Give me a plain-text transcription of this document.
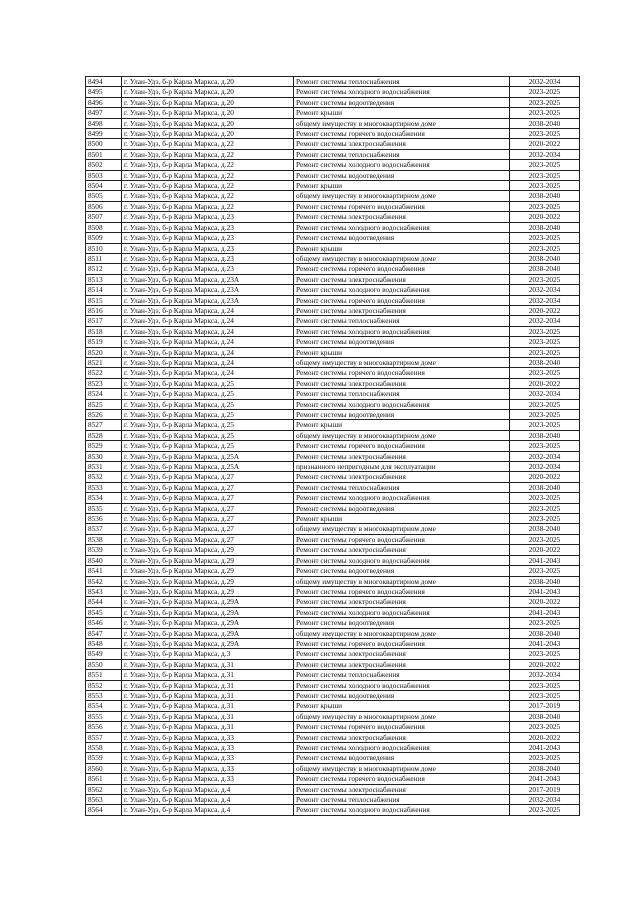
8494	г. Улан-Удэ, б-р Карла Маркса, д.20	Ремонт системы теплоснабжения	2032-2034
8495	г. Улан-Удэ, б-р Карла Маркса, д.20	Ремонт системы холодного водоснабжения	2023-2025
8496	г. Улан-Удэ, б-р Карла Маркса, д.20	Ремонт системы водоотведения	2023-2025
8497	г. Улан-Удэ, б-р Карла Маркса, д.20	Ремонт крыши	2023-2025
8498	г. Улан-Удэ, б-р Карла Маркса, д.20	общему имуществу в многоквартирном доме	2038-2040
8499	г. Улан-Удэ, б-р Карла Маркса, д.20	Ремонт системы горячего водоснабжения	2023-2025
8500	г. Улан-Удэ, б-р Карла Маркса, д.22	Ремонт системы электроснабжения	2020-2022
8501	г. Улан-Удэ, б-р Карла Маркса, д.22	Ремонт системы теплоснабжения	2032-2034
8502	г. Улан-Удэ, б-р Карла Маркса, д.22	Ремонт системы холодного водоснабжения	2023-2025
8503	г. Улан-Удэ, б-р Карла Маркса, д.22	Ремонт системы водоотведения	2023-2025
8504	г. Улан-Удэ, б-р Карла Маркса, д.22	Ремонт крыши	2023-2025
8505	г. Улан-Удэ, б-р Карла Маркса, д.22	общему имуществу в многоквартирном доме	2038-2040
8506	г. Улан-Удэ, б-р Карла Маркса, д.22	Ремонт системы горячего водоснабжения	2023-2025
8507	г. Улан-Удэ, б-р Карла Маркса, д.23	Ремонт системы электроснабжения	2020-2022
8508	г. Улан-Удэ, б-р Карла Маркса, д.23	Ремонт системы холодного водоснабжения	2038-2040
8509	г. Улан-Удэ, б-р Карла Маркса, д.23	Ремонт системы водоотведения	2023-2025
8510	г. Улан-Удэ, б-р Карла Маркса, д.23	Ремонт крыши	2023-2025
8511	г. Улан-Удэ, б-р Карла Маркса, д.23	общему имуществу в многоквартирном доме	2038-2040
8512	г. Улан-Удэ, б-р Карла Маркса, д.23	Ремонт системы горячего водоснабжения	2038-2040
8513	г. Улан-Удэ, б-р Карла Маркса, д.23А	Ремонт системы электроснабжения	2023-2025
8514	г. Улан-Удэ, б-р Карла Маркса, д.23А	Ремонт системы холодного водоснабжения	2032-2034
8515	г. Улан-Удэ, б-р Карла Маркса, д.23А	Ремонт системы горячего водоснабжения	2032-2034
8516	г. Улан-Удэ, б-р Карла Маркса, д.24	Ремонт системы электроснабжения	2020-2022
8517	г. Улан-Удэ, б-р Карла Маркса, д.24	Ремонт системы теплоснабжения	2032-2034
8518	г. Улан-Удэ, б-р Карла Маркса, д.24	Ремонт системы холодного водоснабжения	2023-2025
8519	г. Улан-Удэ, б-р Карла Маркса, д.24	Ремонт системы водоотведения	2023-2025
8520	г. Улан-Удэ, б-р Карла Маркса, д.24	Ремонт крыши	2023-2025
8521	г. Улан-Удэ, б-р Карла Маркса, д.24	общему имуществу в многоквартирном доме	2038-2040
8522	г. Улан-Удэ, б-р Карла Маркса, д.24	Ремонт системы горячего водоснабжения	2023-2025
8523	г. Улан-Удэ, б-р Карла Маркса, д.25	Ремонт системы электроснабжения	2020-2022
8524	г. Улан-Удэ, б-р Карла Маркса, д.25	Ремонт системы теплоснабжения	2032-2034
8525	г. Улан-Удэ, б-р Карла Маркса, д.25	Ремонт системы холодного водоснабжения	2023-2025
8526	г. Улан-Удэ, б-р Карла Маркса, д.25	Ремонт системы водоотведения	2023-2025
8527	г. Улан-Удэ, б-р Карла Маркса, д.25	Ремонт крыши	2023-2025
8528	г. Улан-Удэ, б-р Карла Маркса, д.25	общему имуществу в многоквартирном доме	2038-2040
8529	г. Улан-Удэ, б-р Карла Маркса, д.25	Ремонт системы горячего водоснабжения	2023-2025
8530	г. Улан-Удэ, б-р Карла Маркса, д.25А	Ремонт системы электроснабжения	2032-2034
8531	г. Улан-Удэ, б-р Карла Маркса, д.25А	признанного непригодным для эксплуатации	2032-2034
8532	г. Улан-Удэ, б-р Карла Маркса, д.27	Ремонт системы электроснабжения	2020-2022
8533	г. Улан-Удэ, б-р Карла Маркса, д.27	Ремонт системы теплоснабжения	2038-2040
8534	г. Улан-Удэ, б-р Карла Маркса, д.27	Ремонт системы холодного водоснабжения	2023-2025
8535	г. Улан-Удэ, б-р Карла Маркса, д.27	Ремонт системы водоотведения	2023-2025
8536	г. Улан-Удэ, б-р Карла Маркса, д.27	Ремонт крыши	2023-2025
8537	г. Улан-Удэ, б-р Карла Маркса, д.27	общему имуществу в многоквартирном доме	2038-2040
8538	г. Улан-Удэ, б-р Карла Маркса, д.27	Ремонт системы горячего водоснабжения	2023-2025
8539	г. Улан-Удэ, б-р Карла Маркса, д.29	Ремонт системы электроснабжения	2020-2022
8540	г. Улан-Удэ, б-р Карла Маркса, д.29	Ремонт системы холодного водоснабжения	2041-2043
8541	г. Улан-Удэ, б-р Карла Маркса, д.29	Ремонт системы водоотведения	2023-2025
8542	г. Улан-Удэ, б-р Карла Маркса, д.29	общему имуществу в многоквартирном доме	2038-2040
8543	г. Улан-Удэ, б-р Карла Маркса, д.29	Ремонт системы горячего водоснабжения	2041-2043
8544	г. Улан-Удэ, б-р Карла Маркса, д.29А	Ремонт системы электроснабжения	2020-2022
8545	г. Улан-Удэ, б-р Карла Маркса, д.29А	Ремонт системы холодного водоснабжения	2041-2043
8546	г. Улан-Удэ, б-р Карла Маркса, д.29А	Ремонт системы водоотведения	2023-2025
8547	г. Улан-Удэ, б-р Карла Маркса, д.29А	общему имуществу в многоквартирном доме	2038-2040
8548	г. Улан-Удэ, б-р Карла Маркса, д.29А	Ремонт системы горячего водоснабжения	2041-2043
8549	г. Улан-Удэ, б-р Карла Маркса, д.3	Ремонт системы электроснабжения	2023-2025
8550	г. Улан-Удэ, б-р Карла Маркса, д.31	Ремонт системы электроснабжения	2020-2022
8551	г. Улан-Удэ, б-р Карла Маркса, д.31	Ремонт системы теплоснабжения	2032-2034
8552	г. Улан-Удэ, б-р Карла Маркса, д.31	Ремонт системы холодного водоснабжения	2023-2025
8553	г. Улан-Удэ, б-р Карла Маркса, д.31	Ремонт системы водоотведения	2023-2025
8554	г. Улан-Удэ, б-р Карла Маркса, д.31	Ремонт крыши	2017-2019
8555	г. Улан-Удэ, б-р Карла Маркса, д.31	общему имуществу в многоквартирном доме	2038-2040
8556	г. Улан-Удэ, б-р Карла Маркса, д.31	Ремонт системы горячего водоснабжения	2023-2025
8557	г. Улан-Удэ, б-р Карла Маркса, д.33	Ремонт системы электроснабжения	2020-2022
8558	г. Улан-Удэ, б-р Карла Маркса, д.33	Ремонт системы холодного водоснабжения	2041-2043
8559	г. Улан-Удэ, б-р Карла Маркса, д.33	Ремонт системы водоотведения	2023-2025
8560	г. Улан-Удэ, б-р Карла Маркса, д.33	общему имуществу в многоквартирном доме	2038-2040
8561	г. Улан-Удэ, б-р Карла Маркса, д.33	Ремонт системы горячего водоснабжения	2041-2043
8562	г. Улан-Удэ, б-р Карла Маркса, д.4	Ремонт системы электроснабжения	2017-2019
8563	г. Улан-Удэ, б-р Карла Маркса, д.4	Ремонт системы теплоснабжения	2032-2034
8564	г. Улан-Удэ, б-р Карла Маркса, д.4	Ремонт системы холодного водоснабжения	2023-2025
